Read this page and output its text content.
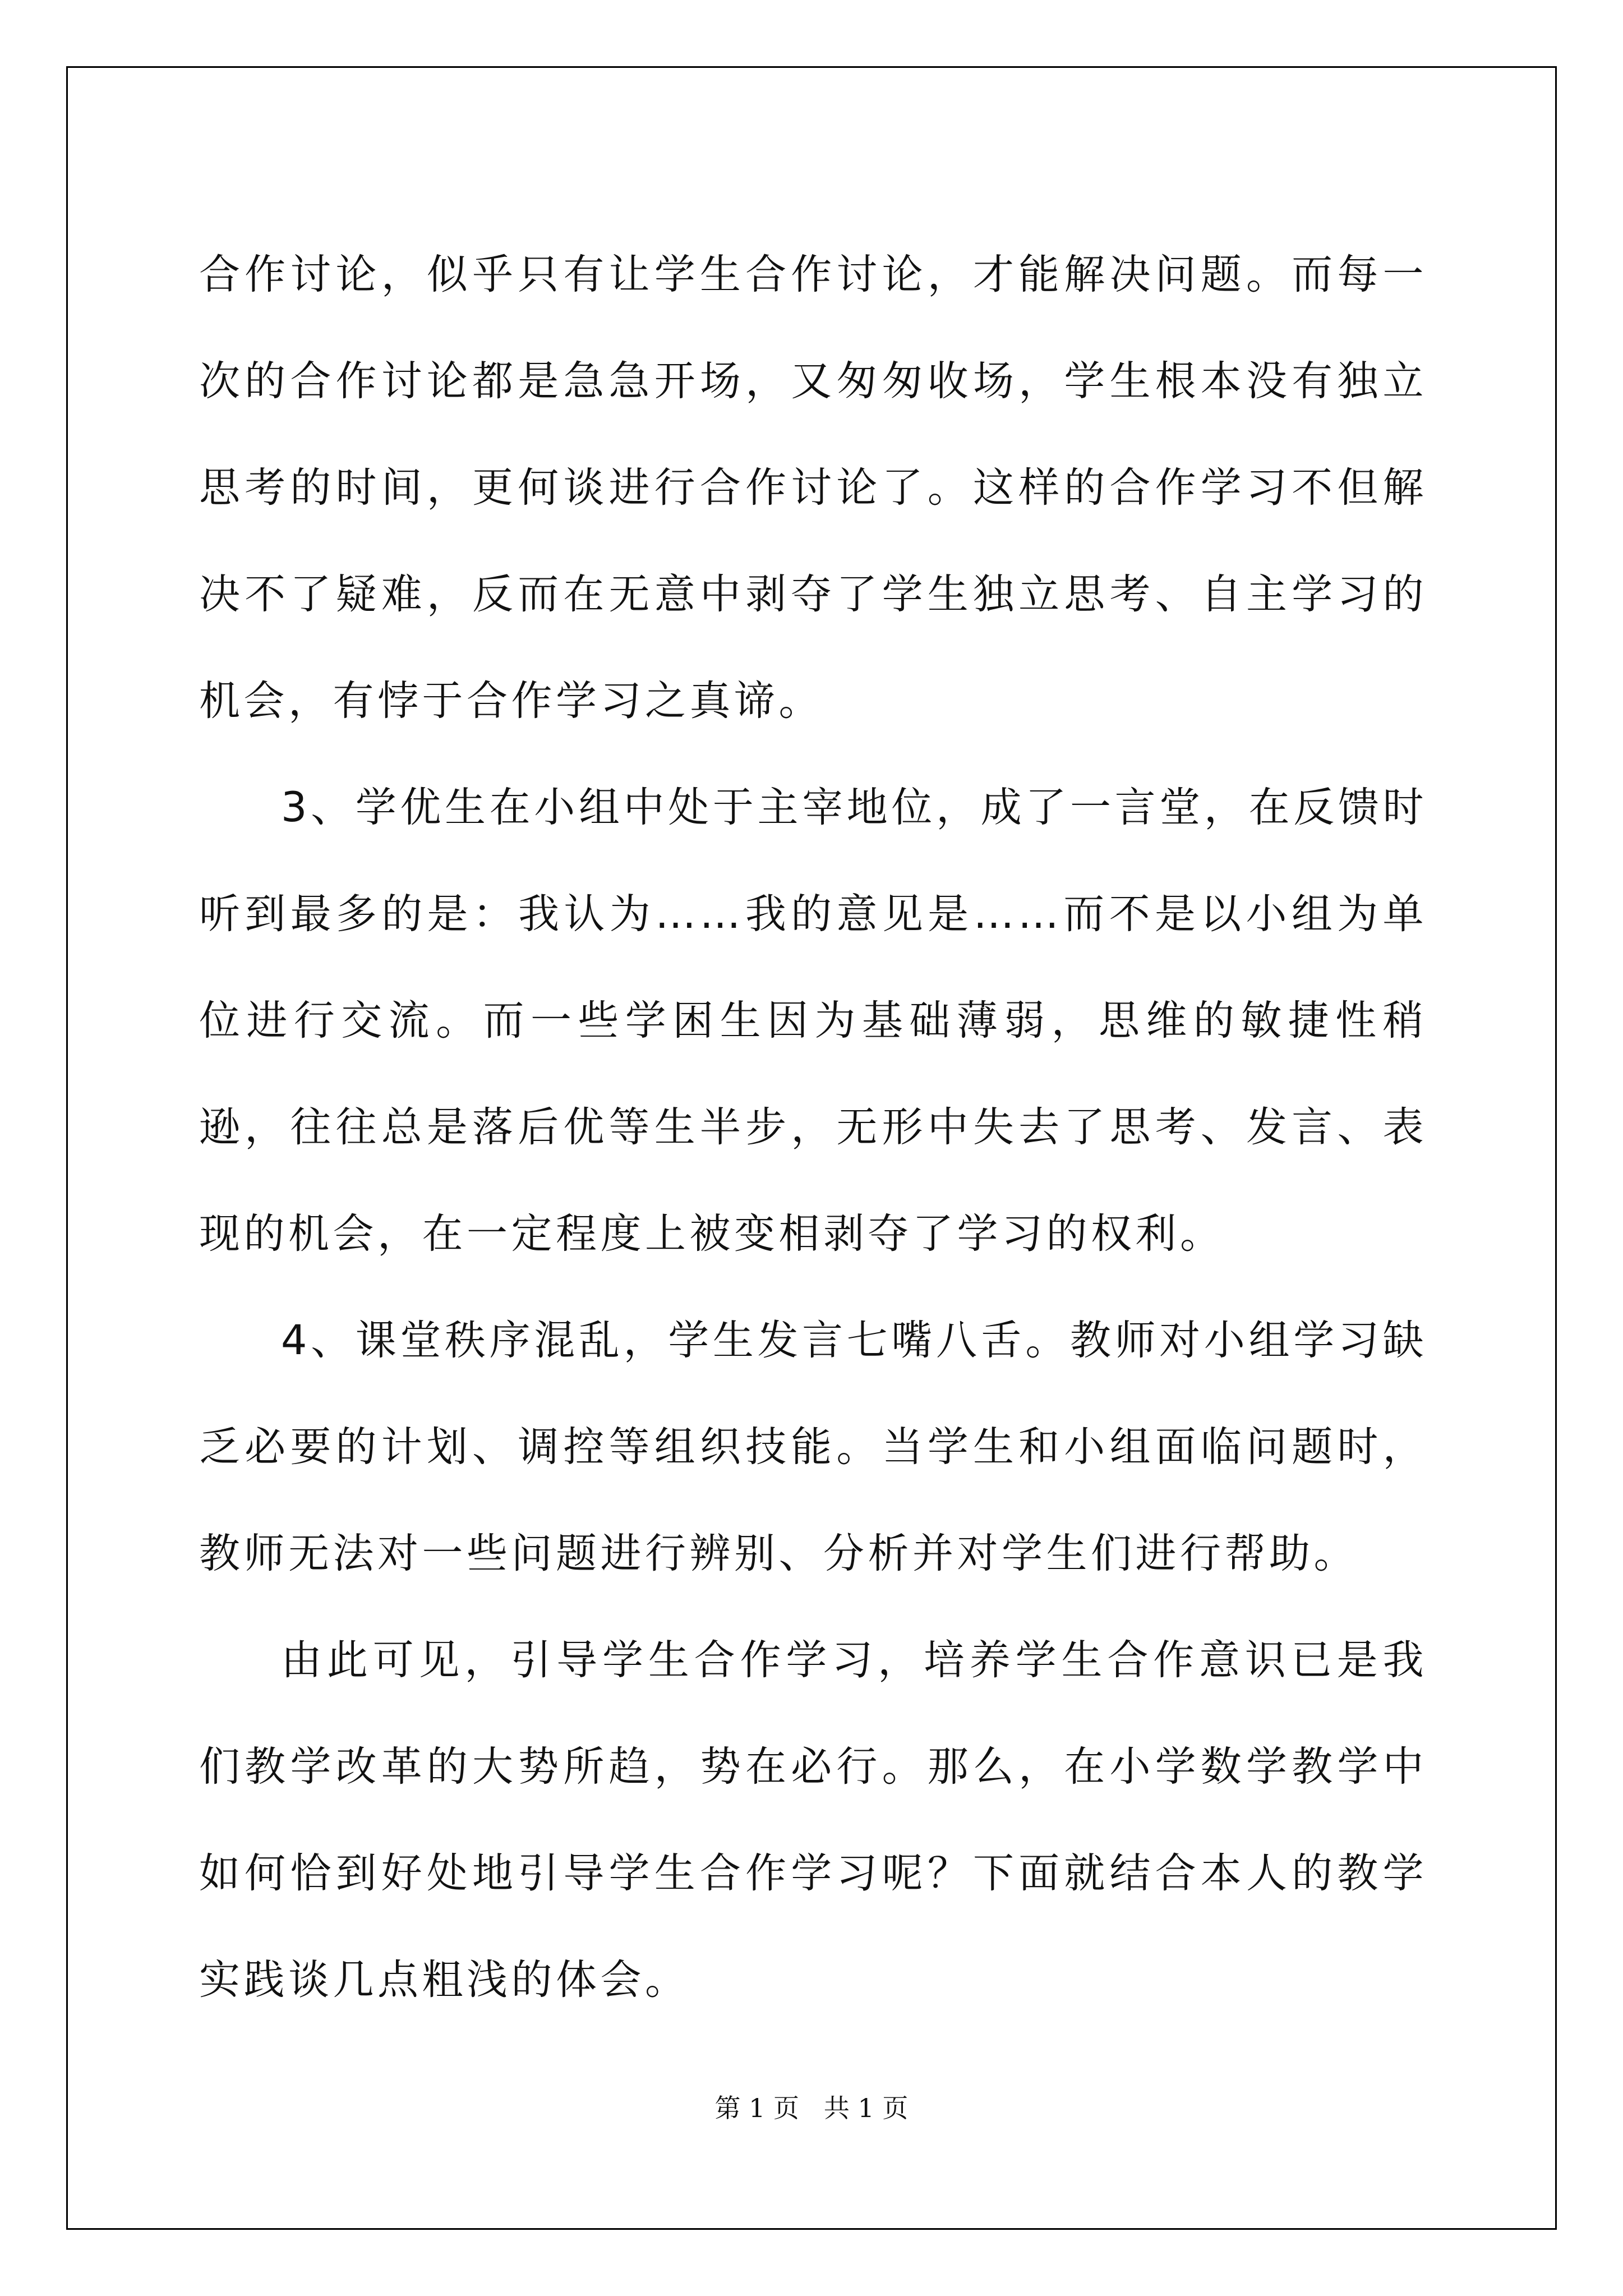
合作讨论，似乎只有让学生合作讨论，才能解决问题。而每一次的合作讨论都是急急开场，又匆匆收场，学生根本没有独立思考的时间，更何谈进行合作讨论了。这样的合作学习不但解决不了疑难，反而在无意中剥夺了学生独立思考、自主学习的机会，有悖于合作学习之真谛。

3、学优生在小组中处于主宰地位，成了一言堂，在反馈时听到最多的是：我认为……我的意见是……而不是以小组为单位进行交流。而一些学困生因为基础薄弱，思维的敏捷性稍逊，往往总是落后优等生半步，无形中失去了思考、发言、表现的机会，在一定程度上被变相剥夺了学习的权利。

4、课堂秩序混乱，学生发言七嘴八舌。教师对小组学习缺乏必要的计划、调控等组织技能。当学生和小组面临问题时，教师无法对一些问题进行辨别、分析并对学生们进行帮助。

由此可见，引导学生合作学习，培养学生合作意识已是我们教学改革的大势所趋，势在必行。那么，在小学数学教学中如何恰到好处地引导学生合作学习呢？下面就结合本人的教学实践谈几点粗浅的体会。

第 1 页   共 1 页
